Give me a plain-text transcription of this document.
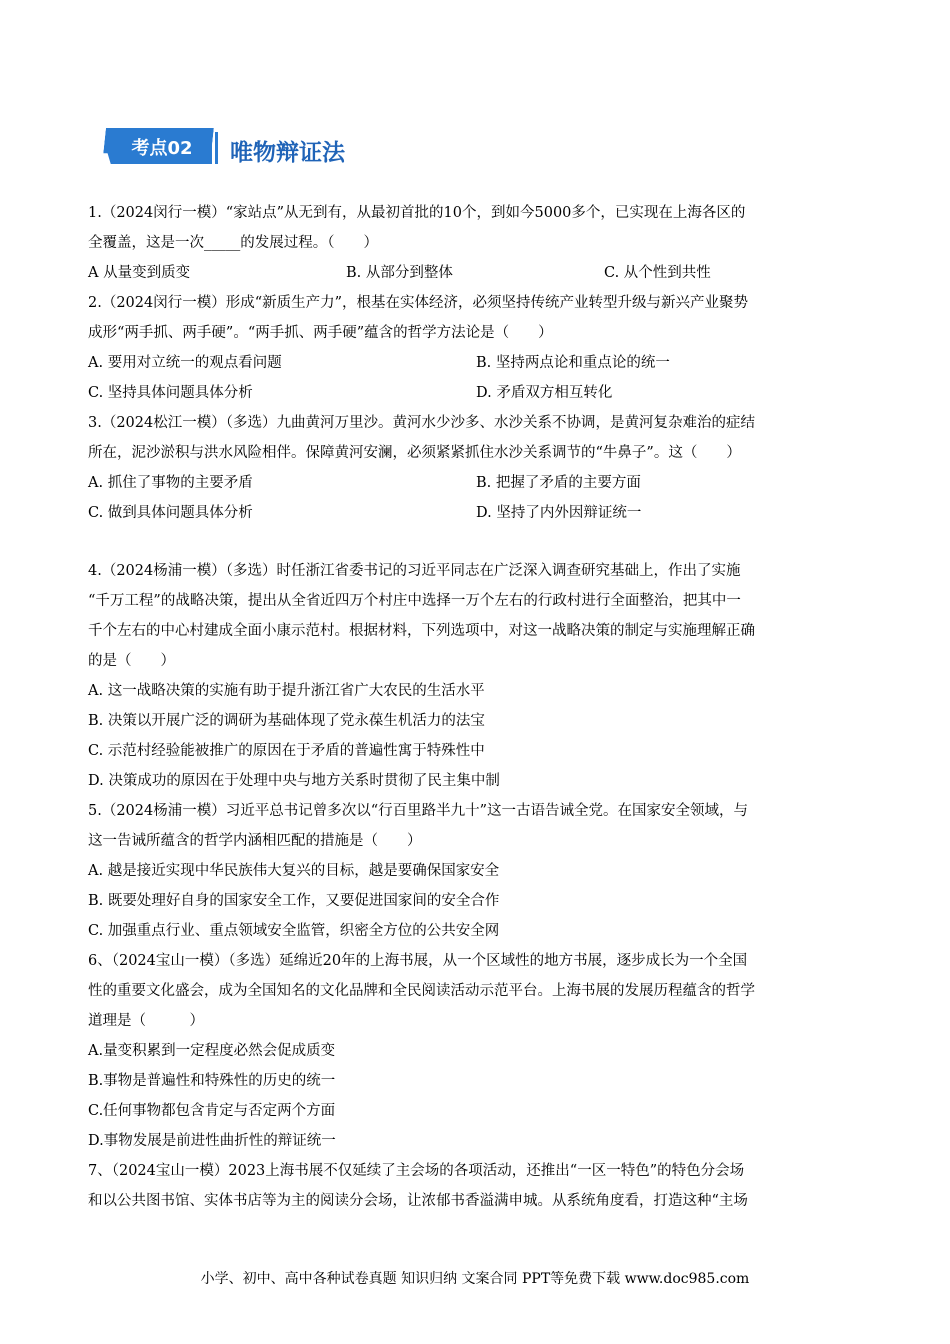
考点02	唯物辩证法
1.（2024闵行一模）“家站点”从无到有，从最初首批的10个，到如今5000多个，已实现在上海各区的
全覆盖，这是一次_____的发展过程。（　　）
A 从量变到质变	B. 从部分到整体	C. 从个性到共性
2.（2024闵行一模）形成“新质生产力”，根基在实体经济，必须坚持传统产业转型升级与新兴产业聚势
成形“两手抓、两手硬”。“两手抓、两手硬”蕴含的哲学方法论是（　　）
A. 要用对立统一的观点看问题	B. 坚持两点论和重点论的统一
C. 坚持具体问题具体分析	D. 矛盾双方相互转化
3.（2024松江一模）（多选）九曲黄河万里沙。黄河水少沙多、水沙关系不协调，是黄河复杂难治的症结
所在，泥沙淤积与洪水风险相伴。保障黄河安澜，必须紧紧抓住水沙关系调节的“牛鼻子”。这（　　）
A. 抓住了事物的主要矛盾	B. 把握了矛盾的主要方面
C. 做到具体问题具体分析	D. 坚持了内外因辩证统一
4.（2024杨浦一模）（多选）时任浙江省委书记的习近平同志在广泛深入调查研究基础上，作出了实施
“千万工程”的战略决策，提出从全省近四万个村庄中选择一万个左右的行政村进行全面整治，把其中一
千个左右的中心村建成全面小康示范村。根据材料，下列选项中，对这一战略决策的制定与实施理解正确
的是（　　）
A. 这一战略决策的实施有助于提升浙江省广大农民的生活水平
B. 决策以开展广泛的调研为基础体现了党永葆生机活力的法宝
C. 示范村经验能被推广的原因在于矛盾的普遍性寓于特殊性中
D. 决策成功的原因在于处理中央与地方关系时贯彻了民主集中制
5.（2024杨浦一模）习近平总书记曾多次以“行百里路半九十”这一古语告诫全党。在国家安全领域，与
这一告诫所蕴含的哲学内涵相匹配的措施是（　　）
A. 越是接近实现中华民族伟大复兴的目标，越是要确保国家安全
B. 既要处理好自身的国家安全工作，又要促进国家间的安全合作
C. 加强重点行业、重点领域安全监管，织密全方位的公共安全网
6、（2024宝山一模）（多选）延绵近20年的上海书展，从一个区域性的地方书展，逐步成长为一个全国
性的重要文化盛会，成为全国知名的文化品牌和全民阅读活动示范平台。上海书展的发展历程蕴含的哲学
道理是（　　　）
A.量变积累到一定程度必然会促成质变
B.事物是普遍性和特殊性的历史的统一
C.任何事物都包含肯定与否定两个方面
D.事物发展是前进性曲折性的辩证统一
7、（2024宝山一模）2023上海书展不仅延续了主会场的各项活动，还推出“一区一特色”的特色分会场
和以公共图书馆、实体书店等为主的阅读分会场，让浓郁书香溢满申城。从系统角度看，打造这种“主场
小学、初中、高中各种试卷真题 知识归纳 文案合同 PPT等免费下载 www.doc985.com
